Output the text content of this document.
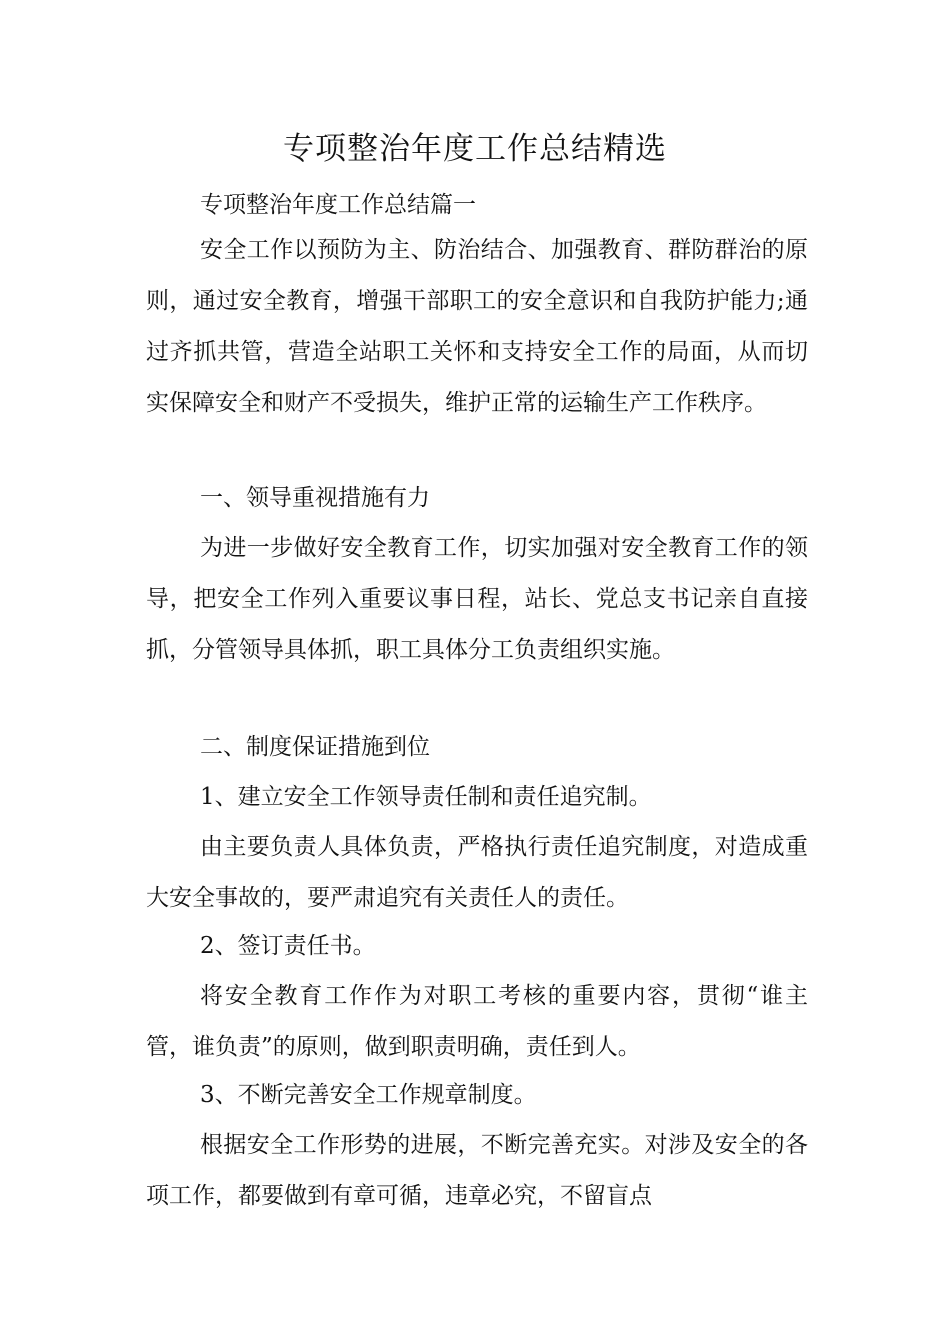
专项整治年度工作总结精选
专项整治年度工作总结篇一
安全工作以预防为主、防治结合、加强教育、群防群治的原则，通过安全教育，增强干部职工的安全意识和自我防护能力;通过齐抓共管，营造全站职工关怀和支持安全工作的局面，从而切实保障安全和财产不受损失，维护正常的运输生产工作秩序。
一、领导重视措施有力
为进一步做好安全教育工作，切实加强对安全教育工作的领导，把安全工作列入重要议事日程，站长、党总支书记亲自直接抓，分管领导具体抓，职工具体分工负责组织实施。
二、制度保证措施到位
1、建立安全工作领导责任制和责任追究制。
由主要负责人具体负责，严格执行责任追究制度，对造成重大安全事故的，要严肃追究有关责任人的责任。
2、签订责任书。
将安全教育工作作为对职工考核的重要内容，贯彻“谁主管，谁负责”的原则，做到职责明确，责任到人。
3、不断完善安全工作规章制度。
根据安全工作形势的进展，不断完善充实。对涉及安全的各项工作，都要做到有章可循，违章必究，不留盲点
